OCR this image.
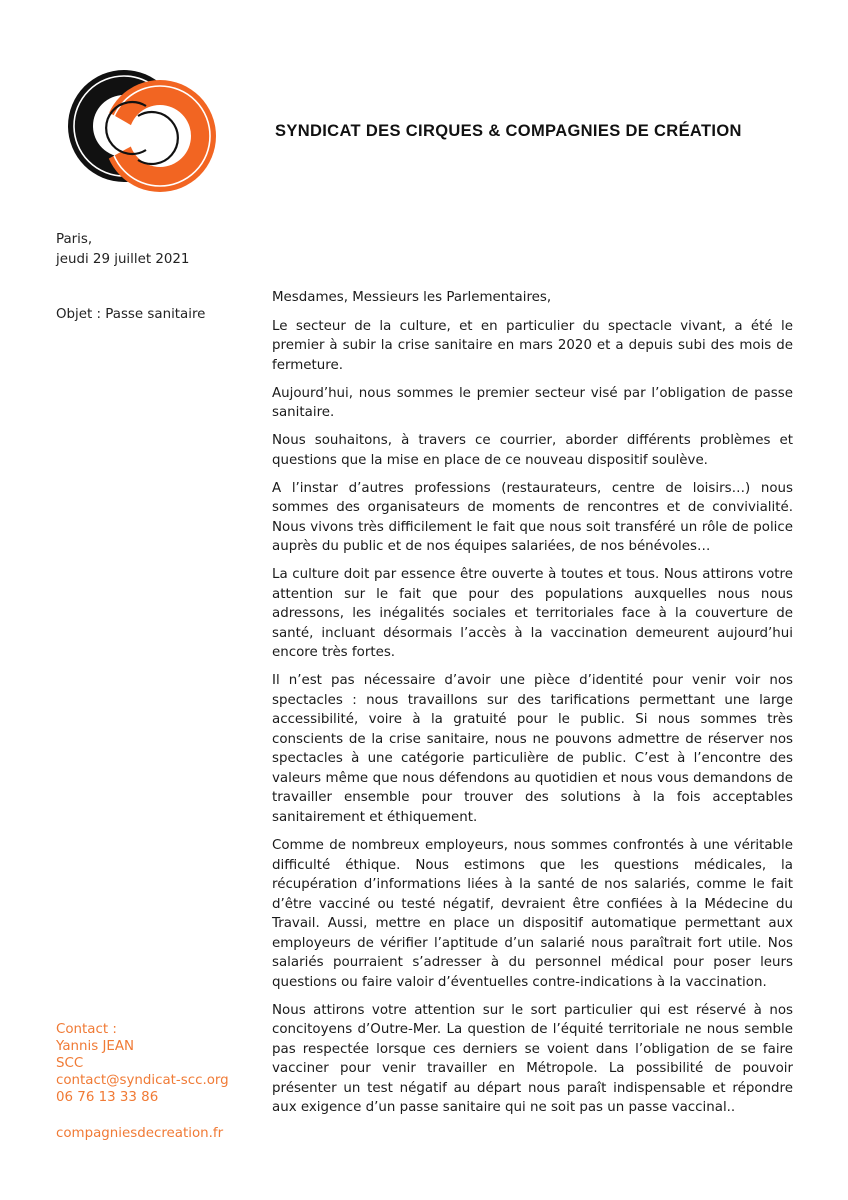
SYNDICAT DES CIRQUES & COMPAGNIES DE CRÉATION
Paris,
jeudi 29 juillet 2021
Objet : Passe sanitaire

Mesdames, Messieurs les Parlementaires,

Le secteur de la culture, et en particulier du spectacle vivant, a été le premier à subir la crise sanitaire en mars 2020 et a depuis subi des mois de fermeture.

Aujourd’hui, nous sommes le premier secteur visé par l’obligation de passe sanitaire.

Nous souhaitons, à travers ce courrier, aborder différents problèmes et questions que la mise en place de ce nouveau dispositif soulève.

A l’instar d’autres professions (restaurateurs, centre de loisirs…) nous sommes des organisateurs de moments de rencontres et de convivialité. Nous vivons très difficilement le fait que nous soit transféré un rôle de police auprès du public et de nos équipes salariées, de nos bénévoles…

La culture doit par essence être ouverte à toutes et tous. Nous attirons votre attention sur le fait que pour des populations auxquelles nous nous adressons, les inégalités sociales et territoriales face à la couverture de santé, incluant désormais l’accès à la vaccination demeurent aujourd’hui encore très fortes.

Il n’est pas nécessaire d’avoir une pièce d’identité pour venir voir nos spectacles : nous travaillons sur des tarifications permettant une large accessibilité, voire à la gratuité pour le public. Si nous sommes très conscients de la crise sanitaire, nous ne pouvons admettre de réserver nos spectacles à une catégorie particulière de public. C’est à l’encontre des valeurs même que nous défendons au quotidien et nous vous demandons de travailler ensemble pour trouver des solutions à la fois acceptables sanitairement et éthiquement.

Comme de nombreux employeurs, nous sommes confrontés à une véritable difficulté éthique. Nous estimons que les questions médicales, la récupération d’informations liées à la santé de nos salariés, comme le fait d’être vacciné ou testé négatif, devraient être confiées à la Médecine du Travail. Aussi, mettre en place un dispositif automatique permettant aux employeurs de vérifier l’aptitude d’un salarié nous paraîtrait fort utile. Nos salariés pourraient s’adresser à du personnel médical pour poser leurs questions ou faire valoir d’éventuelles contre-indications à la vaccination.

Nous attirons votre attention sur le sort particulier qui est réservé à nos concitoyens d’Outre-Mer. La question de l’équité territoriale ne nous semble pas respectée lorsque ces derniers se voient dans l’obligation de se faire vacciner pour venir travailler en Métropole. La possibilité de pouvoir présenter un test négatif au départ nous paraît indispensable et répondre aux exigence d’un passe sanitaire qui ne soit pas un passe vaccinal..

Contact :
Yannis JEAN
SCC
contact@syndicat-scc.org
06 76 13 33 86
compagniesdecreation.fr
